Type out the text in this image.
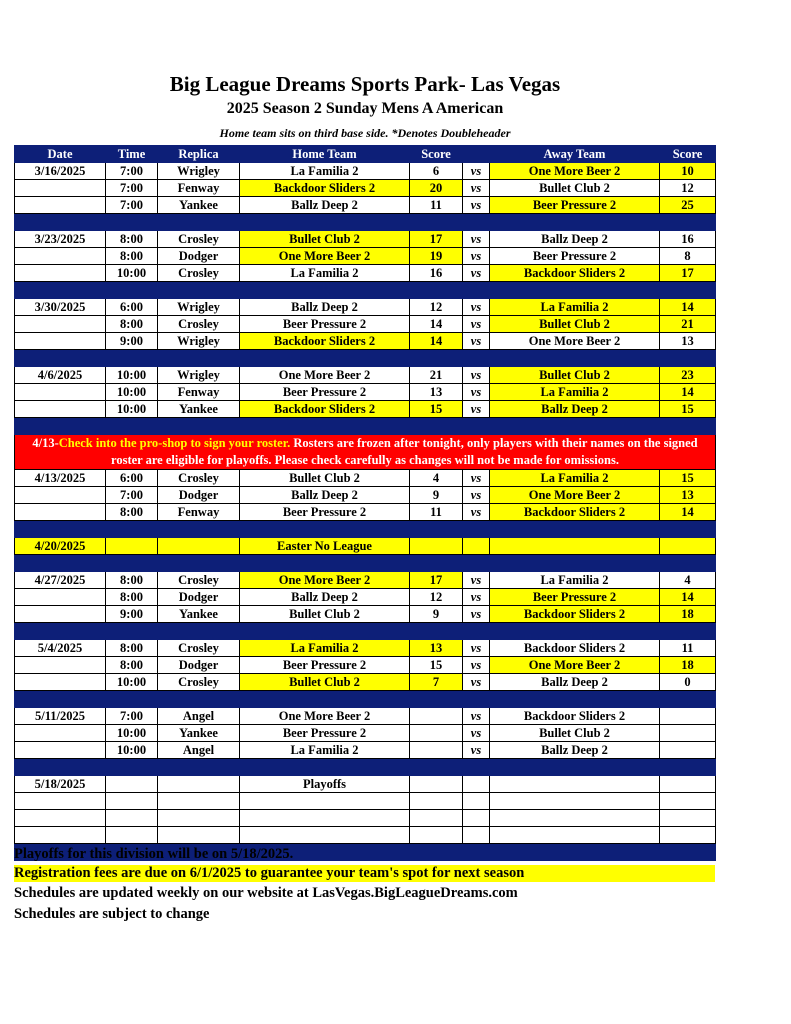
Big League Dreams Sports Park- Las Vegas
2025 Season 2 Sunday Mens A American
Home team sits on third base side. *Denotes Doubleheader
Date	Time	Replica	Home Team	Score		Away Team	Score
3/16/2025	7:00	Wrigley	La Familia 2	6	vs	One More Beer 2	10
	7:00	Fenway	Backdoor Sliders 2	20	vs	Bullet Club 2	12
	7:00	Yankee	Ballz Deep 2	11	vs	Beer Pressure 2	25

3/23/2025	8:00	Crosley	Bullet Club 2	17	vs	Ballz Deep 2	16
	8:00	Dodger	One More Beer 2	19	vs	Beer Pressure 2	8
	10:00	Crosley	La Familia 2	16	vs	Backdoor Sliders 2	17

3/30/2025	6:00	Wrigley	Ballz Deep 2	12	vs	La Familia 2	14
	8:00	Crosley	Beer Pressure 2	14	vs	Bullet Club 2	21
	9:00	Wrigley	Backdoor Sliders 2	14	vs	One More Beer 2	13

4/6/2025	10:00	Wrigley	One More Beer 2	21	vs	Bullet Club 2	23
	10:00	Fenway	Beer Pressure 2	13	vs	La Familia 2	14
	10:00	Yankee	Backdoor Sliders 2	15	vs	Ballz Deep 2	15

4/13-Check into the pro-shop to sign your roster. Rosters are frozen after tonight, only players with their names on the signed roster are eligible for playoffs. Please check carefully as changes will not be made for omissions.							
4/13/2025	6:00	Crosley	Bullet Club 2	4	vs	La Familia 2	15
	7:00	Dodger	Ballz Deep 2	9	vs	One More Beer 2	13
	8:00	Fenway	Beer Pressure 2	11	vs	Backdoor Sliders 2	14

4/20/2025			Easter No League				

4/27/2025	8:00	Crosley	One More Beer 2	17	vs	La Familia 2	4
	8:00	Dodger	Ballz Deep 2	12	vs	Beer Pressure 2	14
	9:00	Yankee	Bullet Club 2	9	vs	Backdoor Sliders 2	18

5/4/2025	8:00	Crosley	La Familia 2	13	vs	Backdoor Sliders 2	11
	8:00	Dodger	Beer Pressure 2	15	vs	One More Beer 2	18
	10:00	Crosley	Bullet Club 2	7	vs	Ballz Deep 2	0

5/11/2025	7:00	Angel	One More Beer 2		vs	Backdoor Sliders 2	
	10:00	Yankee	Beer Pressure 2		vs	Bullet Club 2	
	10:00	Angel	La Familia 2		vs	Ballz Deep 2	

5/18/2025			Playoffs				

Playoffs for this division will be on 5/18/2025.
Registration fees are due on 6/1/2025 to guarantee your team's spot for next season
Schedules are updated weekly on our website at LasVegas.BigLeagueDreams.com
Schedules are subject to change
